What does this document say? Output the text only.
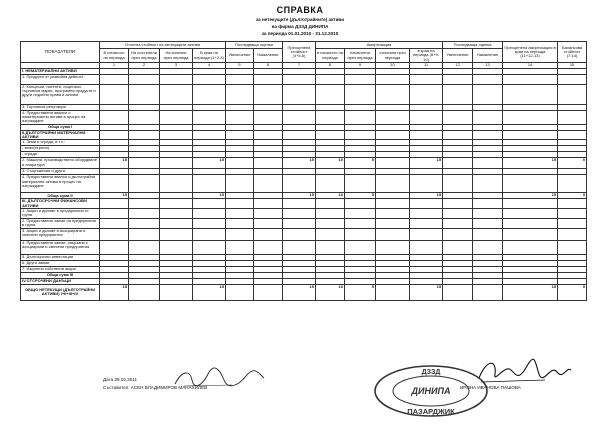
СПРАВКА
за нетекущите (дълготрайните) активи
на фирма ДЗЗД ДИНИПА
за периода 01.01.2010 - 31.12.2010
ПОКАЗАТЕЛИ	Отчетна стойност на нетекущите активи				Последваща оценка		Преоценена стойност
(4+5-6)	Амортизация				Последваща оценка		Преоценена амортизация в края на периода
(11+12-13)	Балансова стойност
(7-14)
	В началото на периода	На постъпили през периода	На излезли през периода	В края на периода (1+2-3)	Увеличение	Намаление		в началото на периода	начислена през периода	отписана през периода	в края на периода (8+9-10)	Увеличение	Намаление		
	1	2	3	4	5	6	7	8	9	10	11	12	13	14	15
I. НЕМАТЕРИАЛНИ АКТИВИ															
1. Продукти от развойна дейност															
2. Концесии, патенти, лицензии, търговски марки, програмни продукти и други подобни права и активи															
3. Търговска репутация															
4. Предоставени аванси и нематериални активи в процес на изграждане															
Обща сума I															
II.ДЪЛГОТРАЙНИ МАТЕРИАЛНИ АКТИВИ															
1. Земи и сгради, в т.ч.:															
- земи(терени)															
- сгради															
2. Машини, производствено оборудване и апаратура	15			15			15	10	5		15			15	0
3. Съоръжения и други															
4. Предоставени аванси и дълготрайни материални активи в процес на изграждане															
Обща сума II	15			15			15	10	5		15			15	0
III. ДЪЛГОСРОЧНИ ФИНАНСОВИ АКТИВИ															
1. Акции и дялове в предприятия от група															
2. Предоставени заеми на предприятия в група															
3. Акции и дялове в асоциирани и смесени предприятия															
4. Предоставени заеми, свързани с асоциирани и смесени предприятия															
5. Дългосрочни инвестиции															
6. Други заеми															
7. Изкупени собствени акции															
Обща сума III															
IV.ОТСРОЧЕНИ ДАНЪЦИ															
ОБЩО НЕТЕКУЩИ (ДЪЛГОТРАЙНИ АКТИВИ) I+II+III+IV	15			15			15	10	5		15			15	0
Дата 28.02.2011
Съставител: АСЕН ВЛАДИМИРОВ МАНАХИЛЕВ	ИРИНА ИВАНОВА ПАШОВА
ДЗЗД
ДИНИПА
ПАЗАРДЖИК
